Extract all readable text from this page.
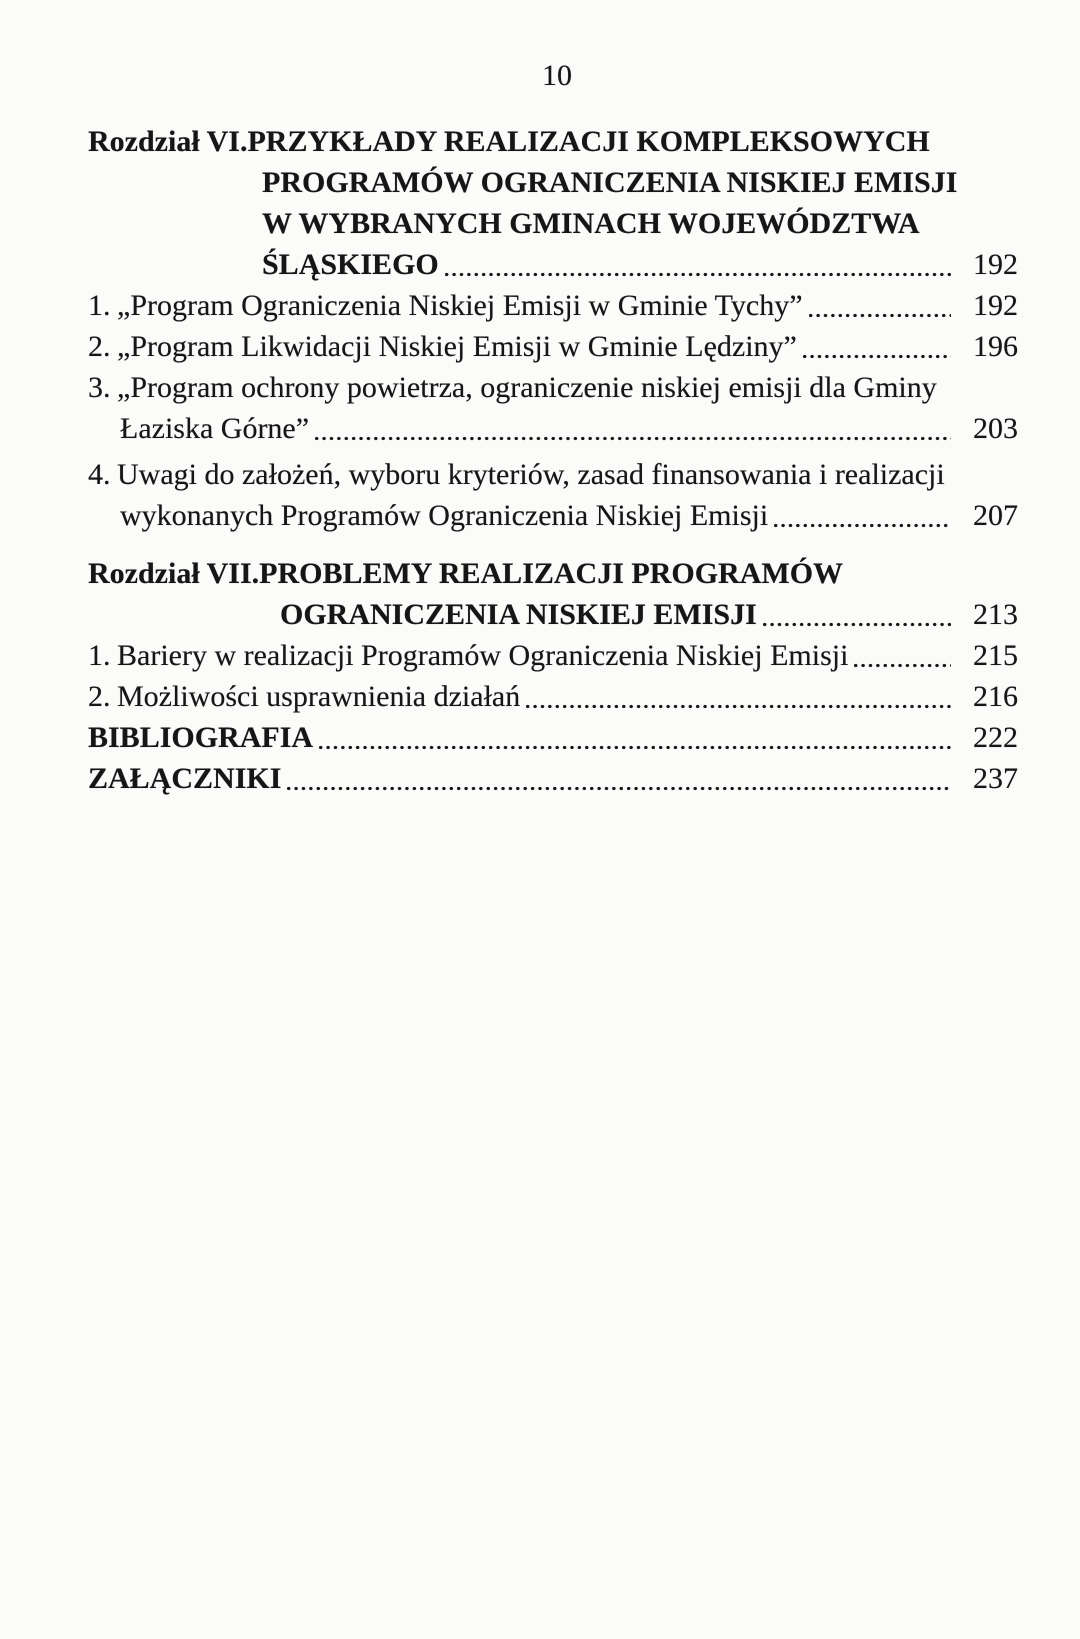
10
Rozdział VI. PRZYKŁADY REALIZACJI KOMPLEKSOWYCH
PROGRAMÓW OGRANICZENIA NISKIEJ EMISJI
W WYBRANYCH GMINACH WOJEWÓDZTWA
ŚLĄSKIEGO	192
1. „Program Ograniczenia Niskiej Emisji w Gminie Tychy”	192
2. „Program Likwidacji Niskiej Emisji w Gminie Lędziny”	196
3. „Program ochrony powietrza, ograniczenie niskiej emisji dla Gminy
Łaziska Górne”	203
4. Uwagi do założeń, wyboru kryteriów, zasad finansowania i realizacji
wykonanych Programów Ograniczenia Niskiej Emisji	207
Rozdział VII. PROBLEMY REALIZACJI PROGRAMÓW
OGRANICZENIA NISKIEJ EMISJI	213
1. Bariery w realizacji Programów Ograniczenia Niskiej Emisji	215
2. Możliwości usprawnienia działań	216
BIBLIOGRAFIA	222
ZAŁĄCZNIKI	237
